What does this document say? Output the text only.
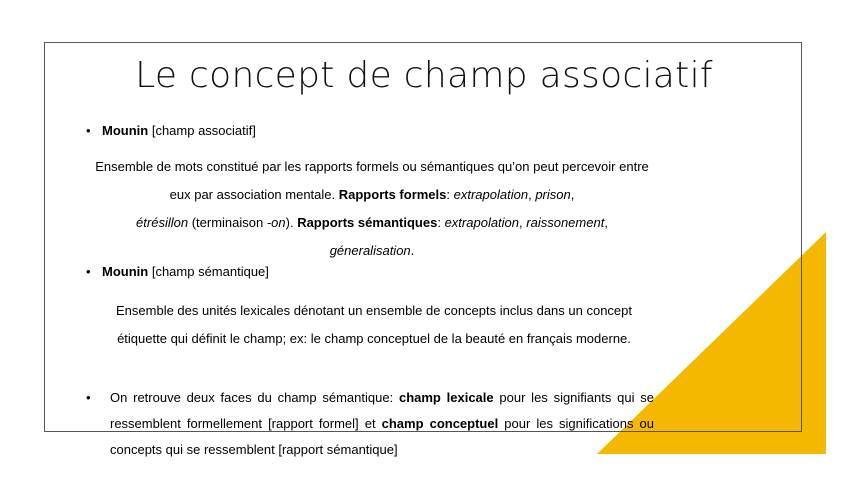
Le concept de champ associatif
• Mounin [champ associatif]
Ensemble de mots constitué par les rapports formels ou sémantiques qu’on peut percevoir entre eux par association mentale. Rapports formels: extrapolation, prison,
étrésillon (terminaison -on). Rapports sémantiques: extrapolation, raissonement,
géneralisation.
• Mounin [champ sémantique]
Ensemble des unités lexicales dénotant un ensemble de concepts inclus dans un concept étiquette qui définit le champ; ex: le champ conceptuel de la beauté en français moderne.
• On retrouve deux faces du champ sémantique: champ lexicale pour les signifiants qui se ressemblent formellement [rapport formel] et champ conceptuel pour les significations ou concepts qui se ressemblent [rapport sémantique]
